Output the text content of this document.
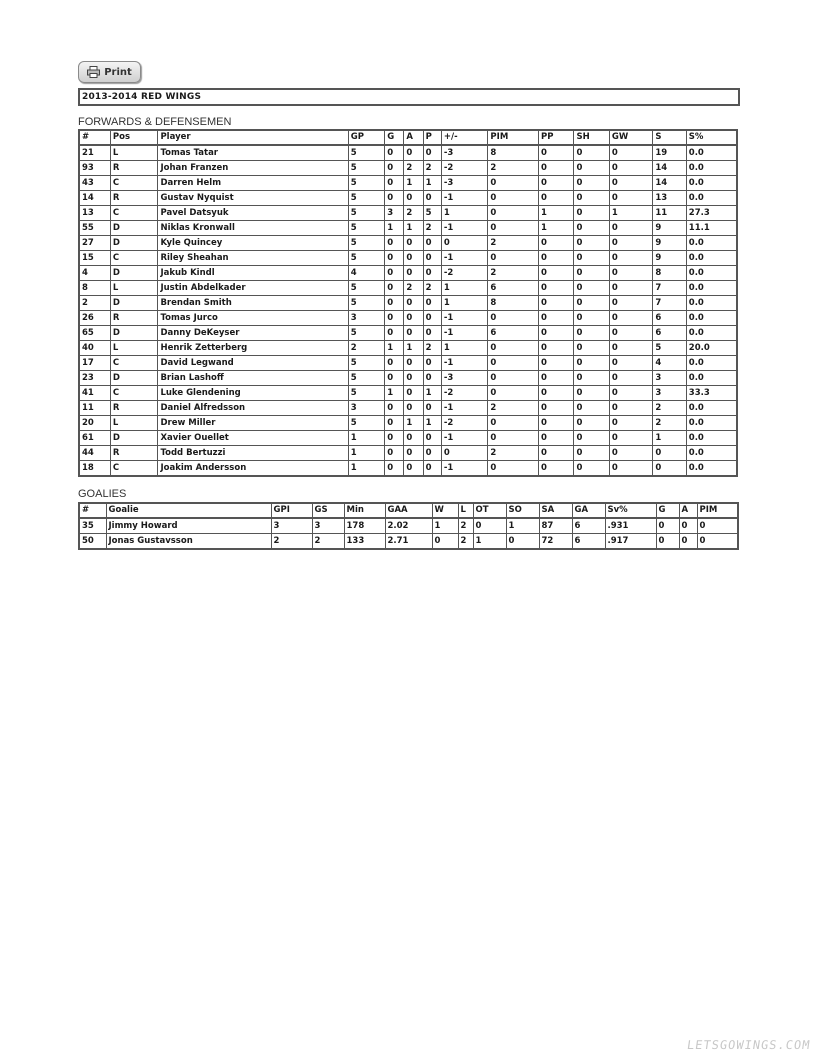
Print
2013-2014 RED WINGS
FORWARDS & DEFENSEMEN
#	Pos	Player	GP	G	A	P	+/-	PIM	PP	SH	GW	S	S%
21	L	Tomas Tatar	5	0	0	0	-3	8	0	0	0	19	0.0
93	R	Johan Franzen	5	0	2	2	-2	2	0	0	0	14	0.0
43	C	Darren Helm	5	0	1	1	-3	0	0	0	0	14	0.0
14	R	Gustav Nyquist	5	0	0	0	-1	0	0	0	0	13	0.0
13	C	Pavel Datsyuk	5	3	2	5	1	0	1	0	1	11	27.3
55	D	Niklas Kronwall	5	1	1	2	-1	0	1	0	0	9	11.1
27	D	Kyle Quincey	5	0	0	0	0	2	0	0	0	9	0.0
15	C	Riley Sheahan	5	0	0	0	-1	0	0	0	0	9	0.0
4	D	Jakub Kindl	4	0	0	0	-2	2	0	0	0	8	0.0
8	L	Justin Abdelkader	5	0	2	2	1	6	0	0	0	7	0.0
2	D	Brendan Smith	5	0	0	0	1	8	0	0	0	7	0.0
26	R	Tomas Jurco	3	0	0	0	-1	0	0	0	0	6	0.0
65	D	Danny DeKeyser	5	0	0	0	-1	6	0	0	0	6	0.0
40	L	Henrik Zetterberg	2	1	1	2	1	0	0	0	0	5	20.0
17	C	David Legwand	5	0	0	0	-1	0	0	0	0	4	0.0
23	D	Brian Lashoff	5	0	0	0	-3	0	0	0	0	3	0.0
41	C	Luke Glendening	5	1	0	1	-2	0	0	0	0	3	33.3
11	R	Daniel Alfredsson	3	0	0	0	-1	2	0	0	0	2	0.0
20	L	Drew Miller	5	0	1	1	-2	0	0	0	0	2	0.0
61	D	Xavier Ouellet	1	0	0	0	-1	0	0	0	0	1	0.0
44	R	Todd Bertuzzi	1	0	0	0	0	2	0	0	0	0	0.0
18	C	Joakim Andersson	1	0	0	0	-1	0	0	0	0	0	0.0
GOALIES
#	Goalie	GPI	GS	Min	GAA	W	L	OT	SO	SA	GA	Sv%	G	A	PIM
35	Jimmy Howard	3	3	178	2.02	1	2	0	1	87	6	.931	0	0	0
50	Jonas Gustavsson	2	2	133	2.71	0	2	1	0	72	6	.917	0	0	0
LETSGOWINGS.COM
